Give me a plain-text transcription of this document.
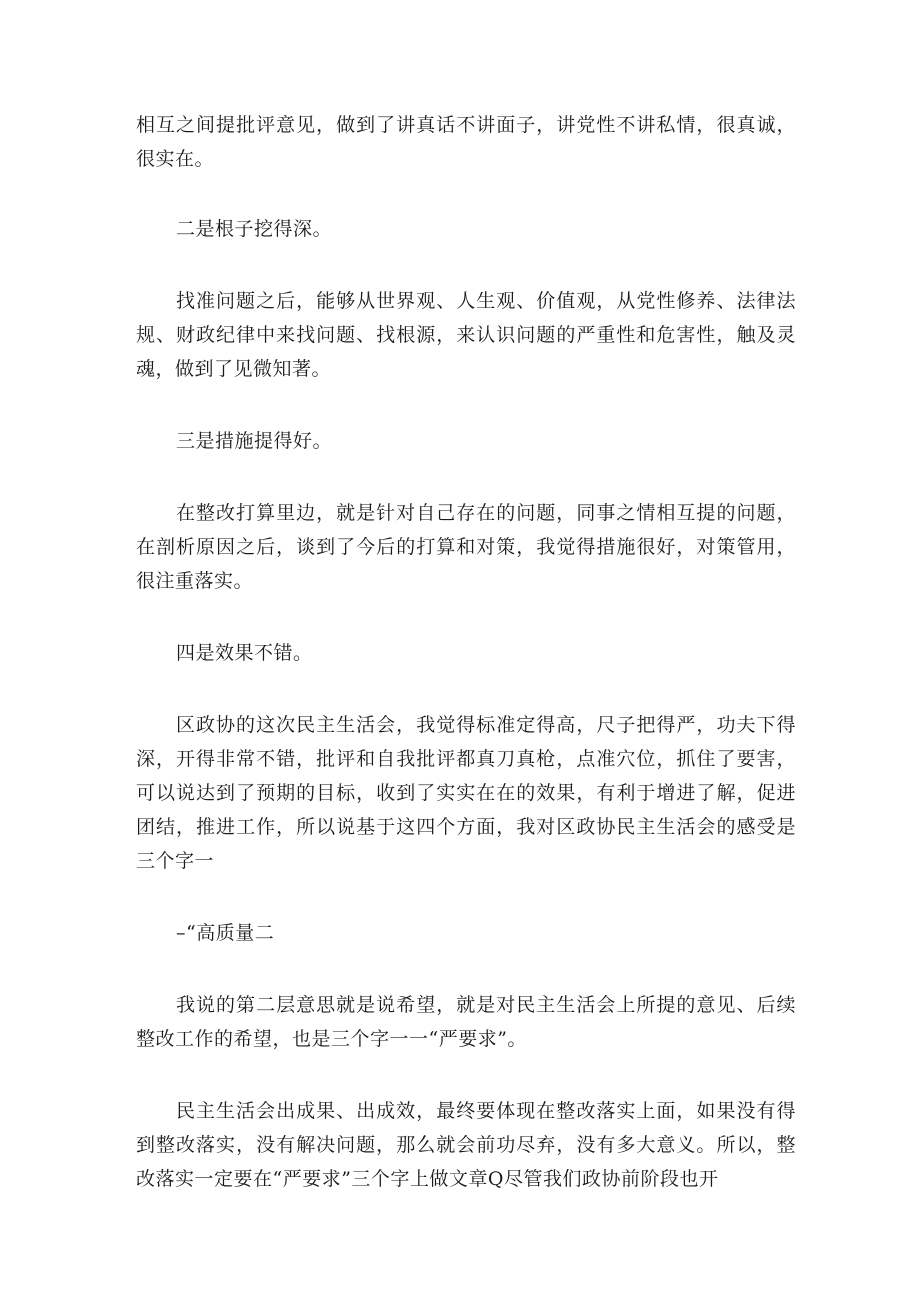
相互之间提批评意见，做到了讲真话不讲面子，讲党性不讲私情，很真诚，很实在。

二是根子挖得深。

找准问题之后，能够从世界观、人生观、价值观，从党性修养、法律法规、财政纪律中来找问题、找根源，来认识问题的严重性和危害性，触及灵魂，做到了见微知著。

三是措施提得好。

在整改打算里边，就是针对自己存在的问题，同事之情相互提的问题，在剖析原因之后，谈到了今后的打算和对策，我觉得措施很好，对策管用，很注重落实。

四是效果不错。

区政协的这次民主生活会，我觉得标准定得高，尺子把得严，功夫下得深，开得非常不错，批评和自我批评都真刀真枪，点准穴位，抓住了要害，可以说达到了预期的目标，收到了实实在在的效果，有利于增进了解，促进团结，推进工作，所以说基于这四个方面，我对区政协民主生活会的感受是三个字一

–“高质量二

我说的第二层意思就是说希望，就是对民主生活会上所提的意见、后续整改工作的希望，也是三个字一一“严要求”。

民主生活会出成果、出成效，最终要体现在整改落实上面，如果没有得到整改落实，没有解决问题，那么就会前功尽弃，没有多大意义。所以，整改落实一定要在“严要求”三个字上做文章Q尽管我们政协前阶段也开
